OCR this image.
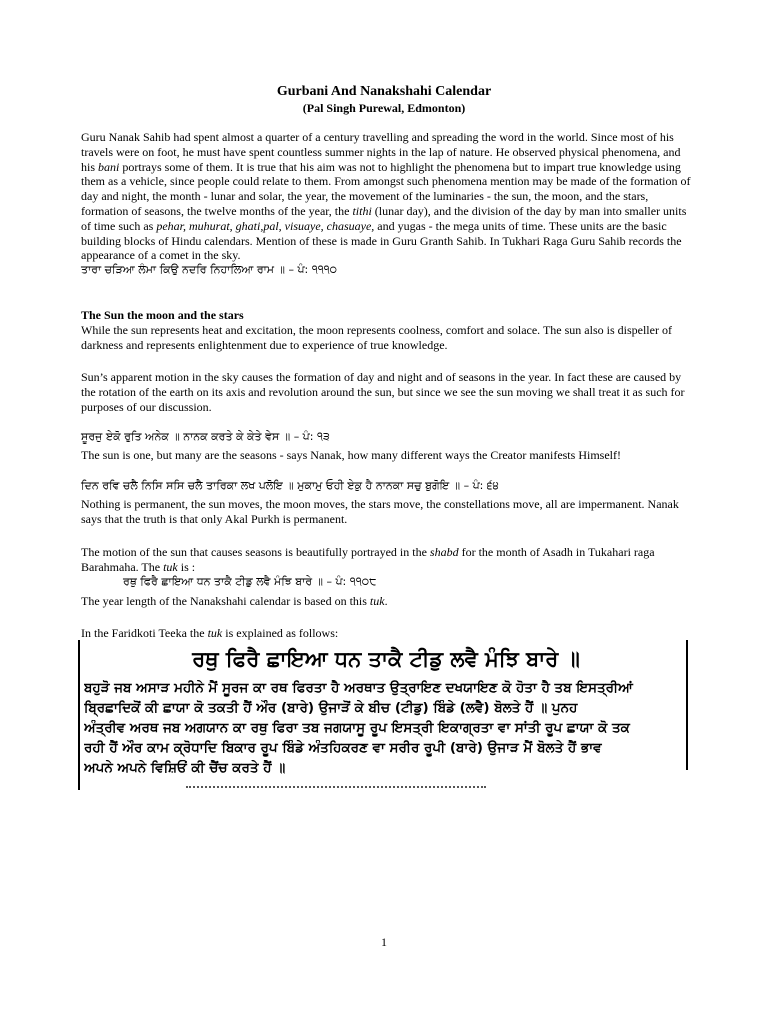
Gurbani And Nanakshahi Calendar
(Pal Singh Purewal, Edmonton)

Guru Nanak Sahib had spent almost a quarter of a century travelling and spreading the word in the world. Since most of his travels were on foot, he must have spent countless summer nights in the lap of nature. He observed physical phenomena, and his bani portrays some of them. It is true that his aim was not to highlight the phenomena but to impart true knowledge using them as a vehicle, since people could relate to them. From amongst such phenomena mention may be made of the formation of day and night, the month - lunar and solar, the year, the movement of the luminaries - the sun, the moon, and the stars, formation of seasons, the twelve months of the year, the tithi (lunar day), and the division of the day by man into smaller units of time such as pehar, muhurat, ghati,pal, visuaye, chasuaye, and yugas - the mega units of time. These units are the basic building blocks of Hindu calendars. Mention of these is made in Guru Granth Sahib. In Tukhari Raga Guru Sahib records the appearance of a comet in the sky.

ਤਾਰਾ ਚੜਿਆ ਲੰਮਾ ਕਿਉ ਨਦਰਿ ਨਿਹਾਲਿਆ ਰਾਮ ॥ – ਪੰ: ੧੧੧੦

The Sun the moon and the stars

While the sun represents heat and excitation, the moon represents coolness, comfort and solace. The sun also is dispeller of darkness and represents enlightenment due to experience of true knowledge.

Sun’s apparent motion in the sky causes the formation of day and night and of seasons in the year. In fact these are caused by the rotation of the earth on its axis and revolution around the sun, but since we see the sun moving we shall treat it as such for purposes of our discussion.

ਸੂਰਜੁ ਏਕੋ ਰੁਤਿ ਅਨੇਕ ॥ ਨਾਨਕ ਕਰਤੇ ਕੇ ਕੇਤੇ ਵੇਸ ॥ – ਪੰ: ੧੩

The sun is one, but many are the seasons - says Nanak, how many different ways the Creator manifests Himself!

ਦਿਨ ਰਵਿ ਚਲੈ ਨਿਸਿ ਸਸਿ ਚਲੈ ਤਾਰਿਕਾ ਲਖ ਪਲੋਇ ॥ ਮੁਕਾਮੁ ਓਹੀ ਏਕੁ ਹੈ ਨਾਨਕਾ ਸਚੁ ਬੁਗੋਇ ॥ – ਪੰ: ੬੪

Nothing is permanent, the sun moves, the moon moves, the stars move, the constellations move, all are impermanent. Nanak says that the truth is that only Akal Purkh is permanent.

The motion of the sun that causes seasons is beautifully portrayed in the shabd for the month of Asadh in Tukahari raga Barahmaha. The tuk is :

ਰਥੁ ਫਿਰੈ ਛਾਇਆ ਧਨ ਤਾਕੈ ਟੀਡੁ ਲਵੈ ਮੰਝਿ ਬਾਰੇ ॥ – ਪੰ: ੧੧੦੮

The year length of the Nanakshahi calendar is based on this tuk.

In the Faridkoti Teeka the tuk is explained as follows:

ਰਥੁ ਫਿਰੈ ਛਾਇਆ ਧਨ ਤਾਕੈ ਟੀਡੁ ਲਵੈ ਮੰਝਿ ਬਾਰੇ ॥
ਬਹੁੜੋ ਜਬ ਅਸਾੜ ਮਹੀਨੇ ਮੈਂ ਸੂਰਜ ਕਾ ਰਥ ਫਿਰਤਾ ਹੈ ਅਰਥਾਤ ਉਤ੍ਰਾਇਣ ਦਖਯਾਇਣ ਕੋ ਹੋਤਾ ਹੈ ਤਬ ਇਸਤ੍ਰੀਆਂ
ਬ੍ਰਿਛਾਦਿਕੋਂ ਕੀ ਛਾਯਾ ਕੋ ਤਕਤੀ ਹੈਂ ਔਰ (ਬਾਰੇ) ਉਜਾੜੋਂ ਕੇ ਬੀਚ (ਟੀਡੁ) ਬਿੰਡੇ (ਲਵੈ) ਬੋਲਤੇ ਹੈਂ ॥ ਪੁਨਹ
ਅੰਤ੍ਰੀਵ ਅਰਥ ਜਬ ਅਗਯਾਨ ਕਾ ਰਥੁ ਫਿਰਾ ਤਬ ਜਗਯਾਸੂ ਰੂਪ ਇਸਤ੍ਰੀ ਇਕਾਗ੍ਰਤਾ ਵਾ ਸਾਂਤੀ ਰੂਪ ਛਾਯਾ ਕੋ ਤਕ
ਰਹੀ ਹੈਂ ਔਰ ਕਾਮ ਕ੍ਰੋਧਾਦਿ ਬਿਕਾਰ ਰੂਪ ਬਿੰਡੇ ਅੰਤਹਿਕਰਣ ਵਾ ਸਰੀਰ ਰੂਪੀ (ਬਾਰੇ) ਉਜਾੜ ਮੈਂ ਬੋਲਤੇ ਹੈਂ ਭਾਵ
ਅਪਨੇ ਅਪਨੇ ਵਿਸ਼ਿਓਂ ਕੀ ਚੈਂਚ ਕਰਤੇ ਹੈਂ ॥
1
